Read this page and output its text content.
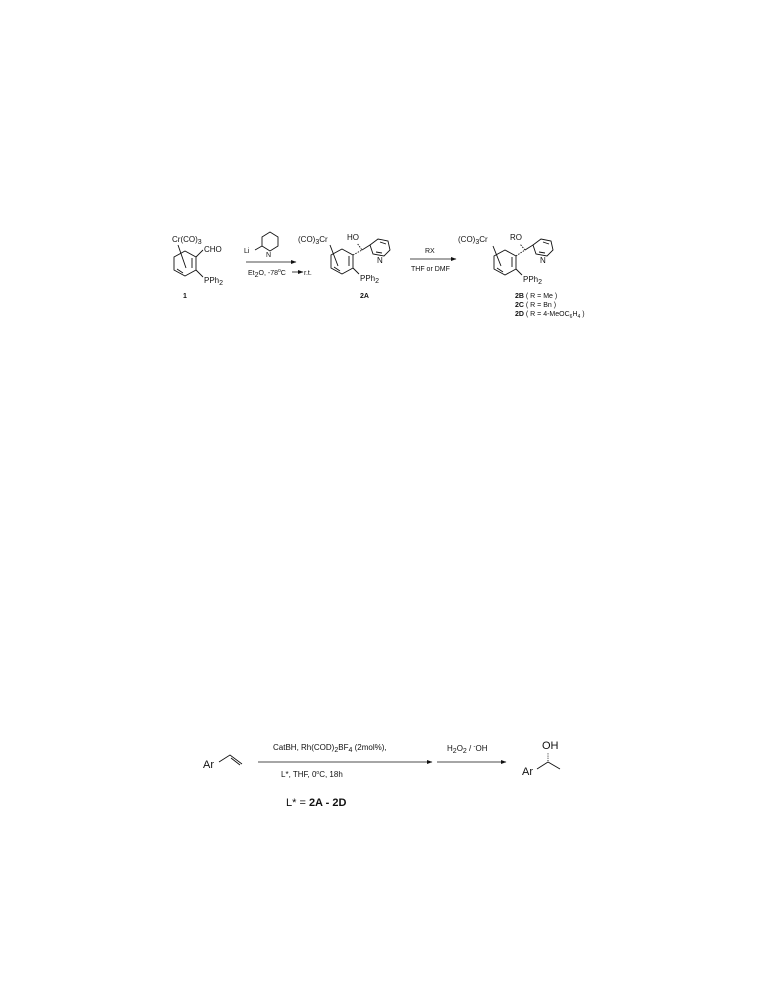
Cr(CO)3
CHO
PPh2
1
Li
N
Et2O, -78$^o$C	r.t.
(CO)3Cr HO
N
PPh2
2A
RX
THF or DMF
(CO)3Cr	RO
N
PPh2
2B ( R = Me )
2C ( R = Bn )
2D ( $R = 4-MeOC_6H_4$ )
Ar
CatBH, Rh(COD)2BF4 (2mol%),
L*, THF, 0$^o$C, 18h
H2O2 / -OH	OH
Ar
L* = 2A - 2D
